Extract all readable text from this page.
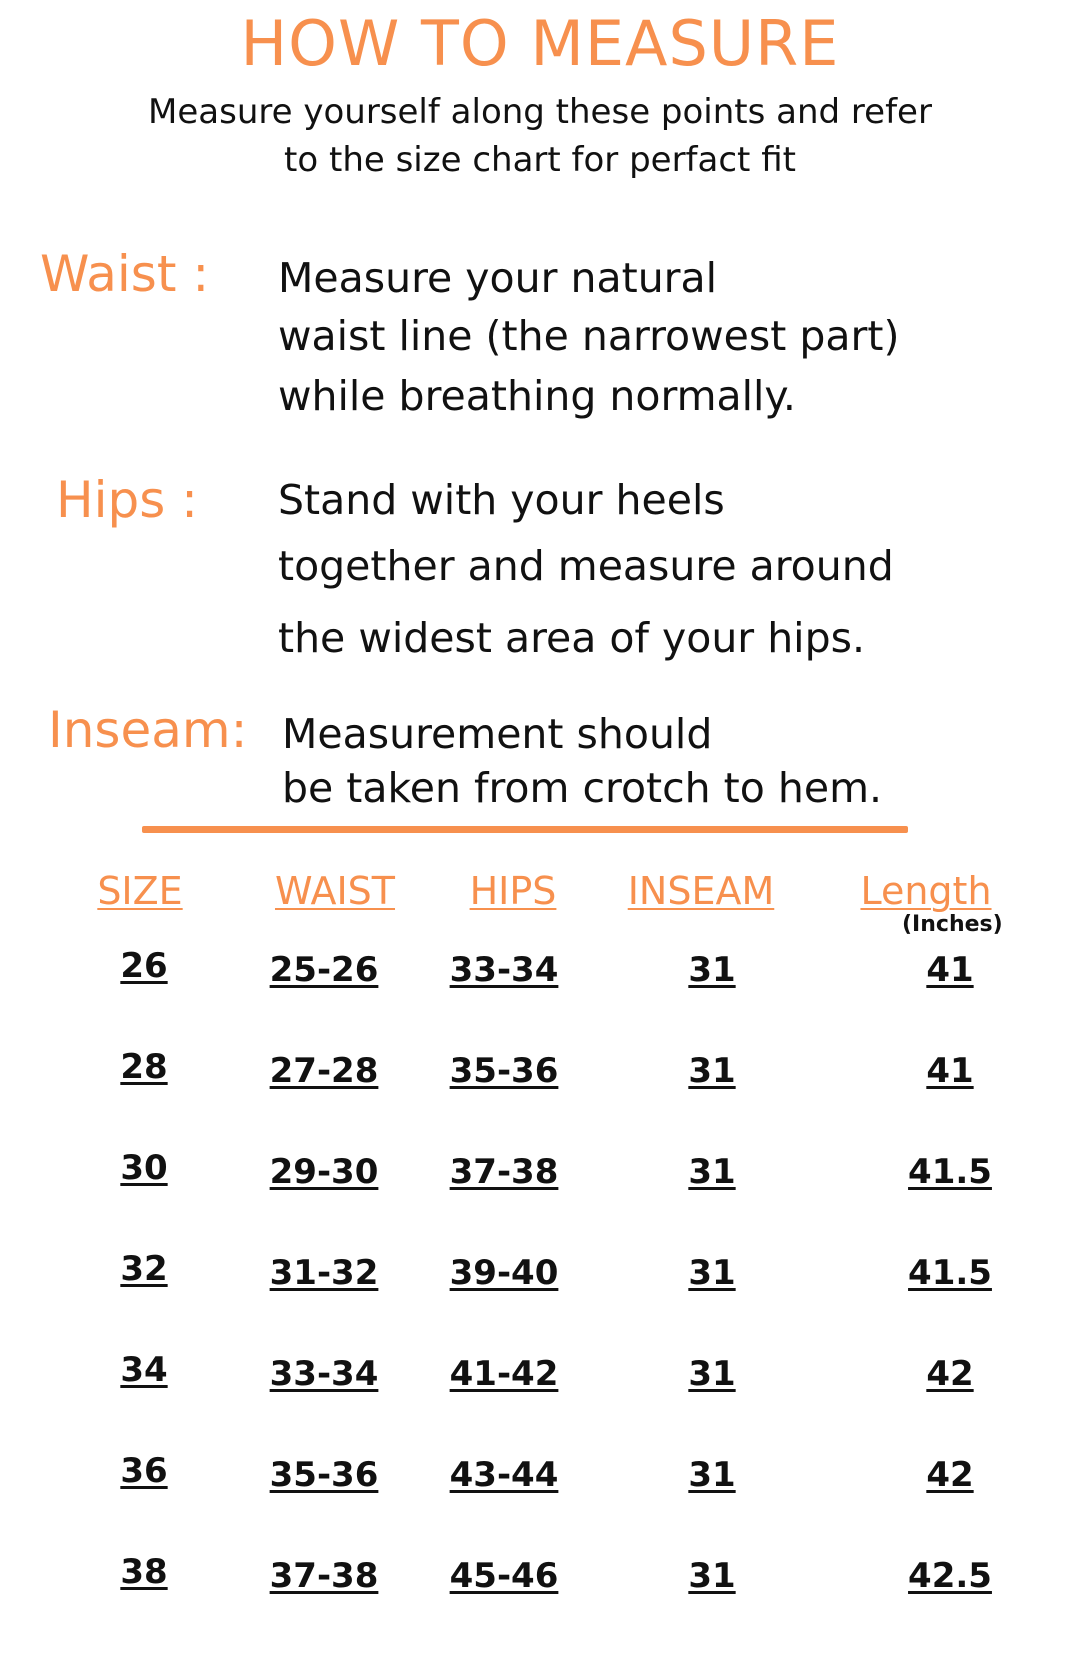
HOW TO MEASURE
Measure yourself along these points and refer
to the size chart for perfact fit
Waist : Measure your natural
waist line (the narrowest part)
while breathing normally.
Hips : Stand with your heels
together and measure around
the widest area of your hips.
Inseam: Measurement should
be taken from crotch to hem.
SIZE	WAIST	HIPS	INSEAM	Length
(Inches)
26	25-26	33-34	31	41
28	27-28	35-36	31	41
30	29-30	37-38	31	41.5
32	31-32	39-40	31	41.5
34	33-34	41-42	31	42
36	35-36	43-44	31	42
38	37-38	45-46	31	42.5
